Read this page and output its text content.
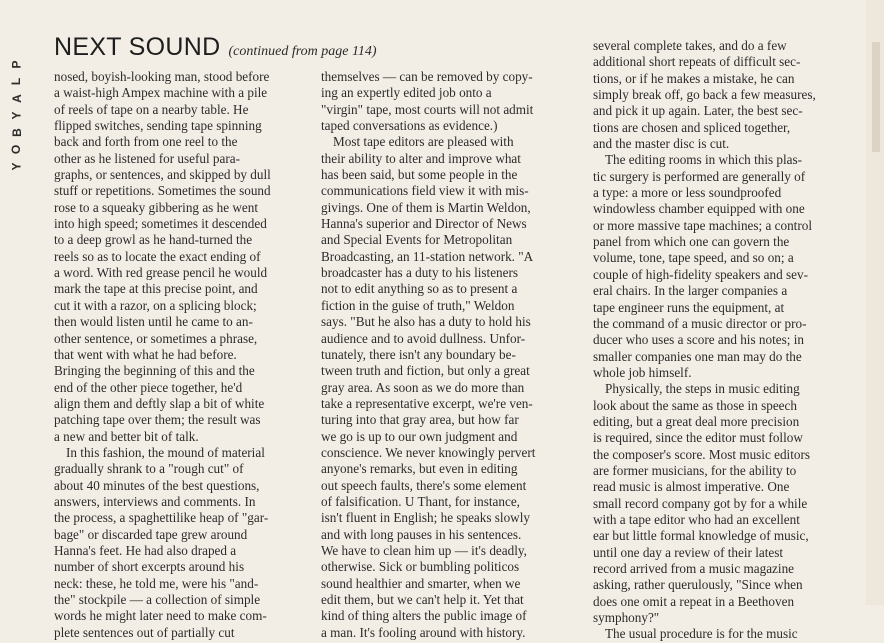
P
L
A
Y
B
O
Y
NEXT SOUND (continued from page 114)
nosed, boyish-looking man, stood before
a waist-high Ampex machine with a pile
of reels of tape on a nearby table. He
flipped switches, sending tape spinning
back and forth from one reel to the
other as he listened for useful para-
graphs, or sentences, and skipped by dull
stuff or repetitions. Sometimes the sound
rose to a squeaky gibbering as he went
into high speed; sometimes it descended
to a deep growl as he hand-turned the
reels so as to locate the exact ending of
a word. With red grease pencil he would
mark the tape at this precise point, and
cut it with a razor, on a splicing block;
then would listen until he came to an-
other sentence, or sometimes a phrase,
that went with what he had before.
Bringing the beginning of this and the
end of the other piece together, he'd
align them and deftly slap a bit of white
patching tape over them; the result was
a new and better bit of talk.
In this fashion, the mound of material
gradually shrank to a "rough cut" of
about 40 minutes of the best questions,
answers, interviews and comments. In
the process, a spaghettilike heap of "gar-
bage" or discarded tape grew around
Hanna's feet. He had also draped a
number of short excerpts around his
neck: these, he told me, were his "and-
the" stockpile — a collection of simple
words he might later need to make com-
plete sentences out of partially cut
themselves — can be removed by copy-
ing an expertly edited job onto a
"virgin" tape, most courts will not admit
taped conversations as evidence.)
Most tape editors are pleased with
their ability to alter and improve what
has been said, but some people in the
communications field view it with mis-
givings. One of them is Martin Weldon,
Hanna's superior and Director of News
and Special Events for Metropolitan
Broadcasting, an 11-station network. "A
broadcaster has a duty to his listeners
not to edit anything so as to present a
fiction in the guise of truth," Weldon
says. "But he also has a duty to hold his
audience and to avoid dullness. Unfor-
tunately, there isn't any boundary be-
tween truth and fiction, but only a great
gray area. As soon as we do more than
take a representative excerpt, we're ven-
turing into that gray area, but how far
we go is up to our own judgment and
conscience. We never knowingly pervert
anyone's remarks, but even in editing
out speech faults, there's some element
of falsification. U Thant, for instance,
isn't fluent in English; he speaks slowly
and with long pauses in his sentences.
We have to clean him up — it's deadly,
otherwise. Sick or bumbling politicos
sound healthier and smarter, when we
edit them, but we can't help it. Yet that
kind of thing alters the public image of
a man. It's fooling around with history.
several complete takes, and do a few
additional short repeats of difficult sec-
tions, or if he makes a mistake, he can
simply break off, go back a few measures,
and pick it up again. Later, the best sec-
tions are chosen and spliced together,
and the master disc is cut.
The editing rooms in which this plas-
tic surgery is performed are generally of
a type: a more or less soundproofed
windowless chamber equipped with one
or more massive tape machines; a control
panel from which one can govern the
volume, tone, tape speed, and so on; a
couple of high-fidelity speakers and sev-
eral chairs. In the larger companies a
tape engineer runs the equipment, at
the command of a music director or pro-
ducer who uses a score and his notes; in
smaller companies one man may do the
whole job himself.
Physically, the steps in music editing
look about the same as those in speech
editing, but a great deal more precision
is required, since the editor must follow
the composer's score. Most music editors
are former musicians, for the ability to
read music is almost imperative. One
small record company got by for a while
with a tape editor who had an excellent
ear but little formal knowledge of music,
until one day a review of their latest
record arrived from a music magazine
asking, rather querulously, "Since when
does one omit a repeat in a Beethoven
symphony?"
The usual procedure is for the music
